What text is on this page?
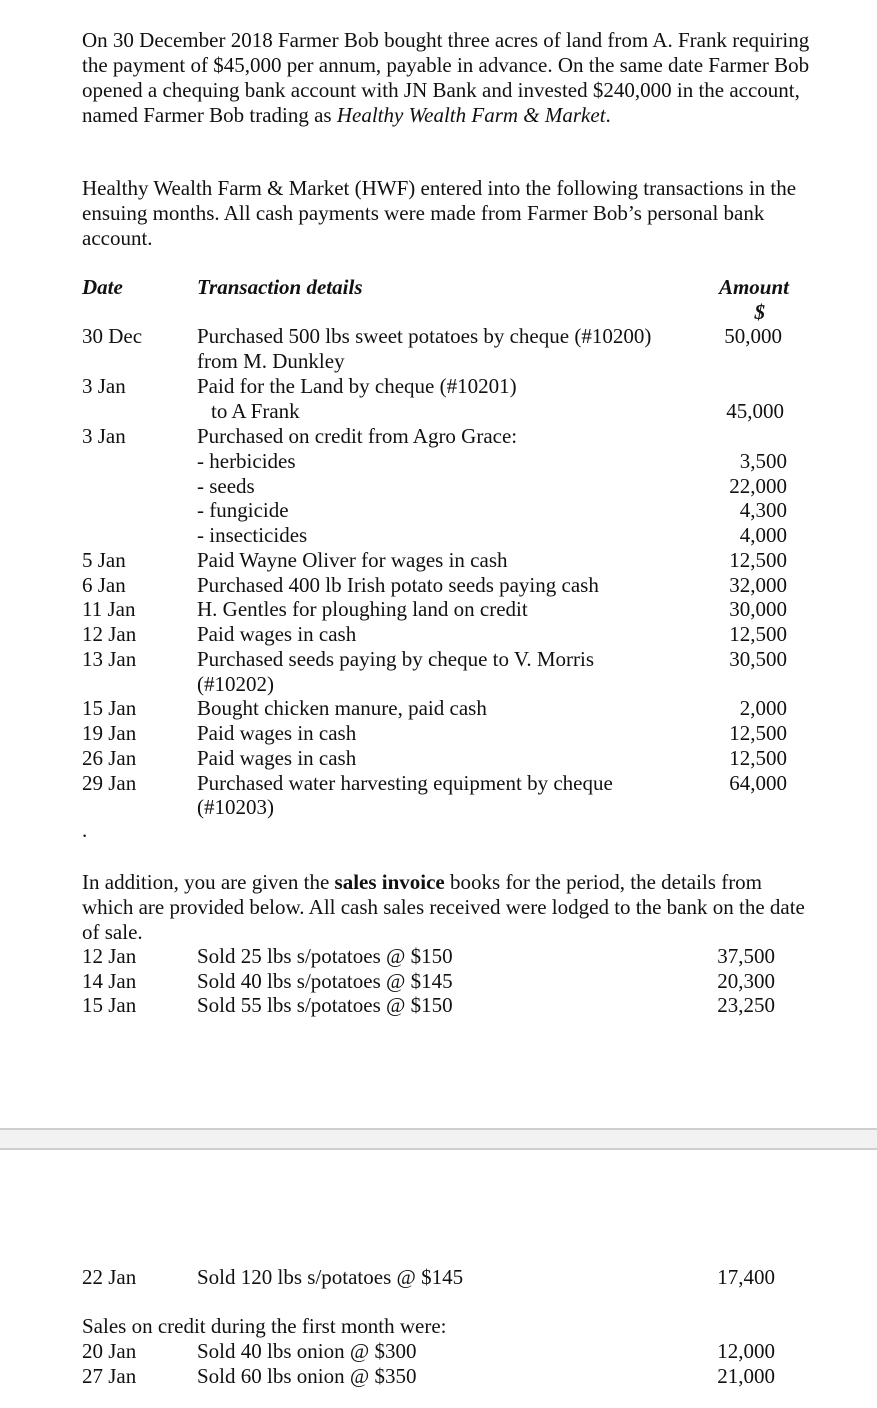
On 30 December 2018 Farmer Bob bought three acres of land from A. Frank requiring the payment of $45,000 per annum, payable in advance. On the same date Farmer Bob opened a chequing bank account with JN Bank and invested $240,000 in the account, named Farmer Bob trading as Healthy Wealth Farm & Market.
Healthy Wealth Farm & Market (HWF) entered into the following transactions in the ensuing months. All cash payments were made from Farmer Bob’s personal bank account.
Date	Transaction details	Amount
$
30 Dec	Purchased 500 lbs sweet potatoes by cheque (#10200)	50,000
from M. Dunkley
3 Jan	Paid for the Land by cheque (#10201)
to A Frank	45,000
3 Jan	Purchased on credit from Agro Grace:
- herbicides	3,500
- seeds	22,000
- fungicide	4,300
- insecticides	4,000
5 Jan	Paid Wayne Oliver for wages in cash	12,500
6 Jan	Purchased 400 lb Irish potato seeds paying cash	32,000
11 Jan	H. Gentles for ploughing land on credit	30,000
12 Jan	Paid wages in cash	12,500
13 Jan	Purchased seeds paying by cheque to V. Morris	30,500
(#10202)
15 Jan	Bought chicken manure, paid cash	2,000
19 Jan	Paid wages in cash	12,500
26 Jan	Paid wages in cash	12,500
29 Jan	Purchased water harvesting equipment by cheque	64,000
(#10203)
.
In addition, you are given the sales invoice books for the period, the details from which are provided below. All cash sales received were lodged to the bank on the date of sale.
12 Jan	Sold 25 lbs s/potatoes @ $150	37,500
14 Jan	Sold 40 lbs s/potatoes @ $145	20,300
15 Jan	Sold 55 lbs s/potatoes @ $150	23,250
22 Jan	Sold 120 lbs s/potatoes @ $145	17,400
Sales on credit during the first month were:
20 Jan	Sold 40 lbs onion @ $300	12,000
27 Jan	Sold 60 lbs onion @ $350	21,000
